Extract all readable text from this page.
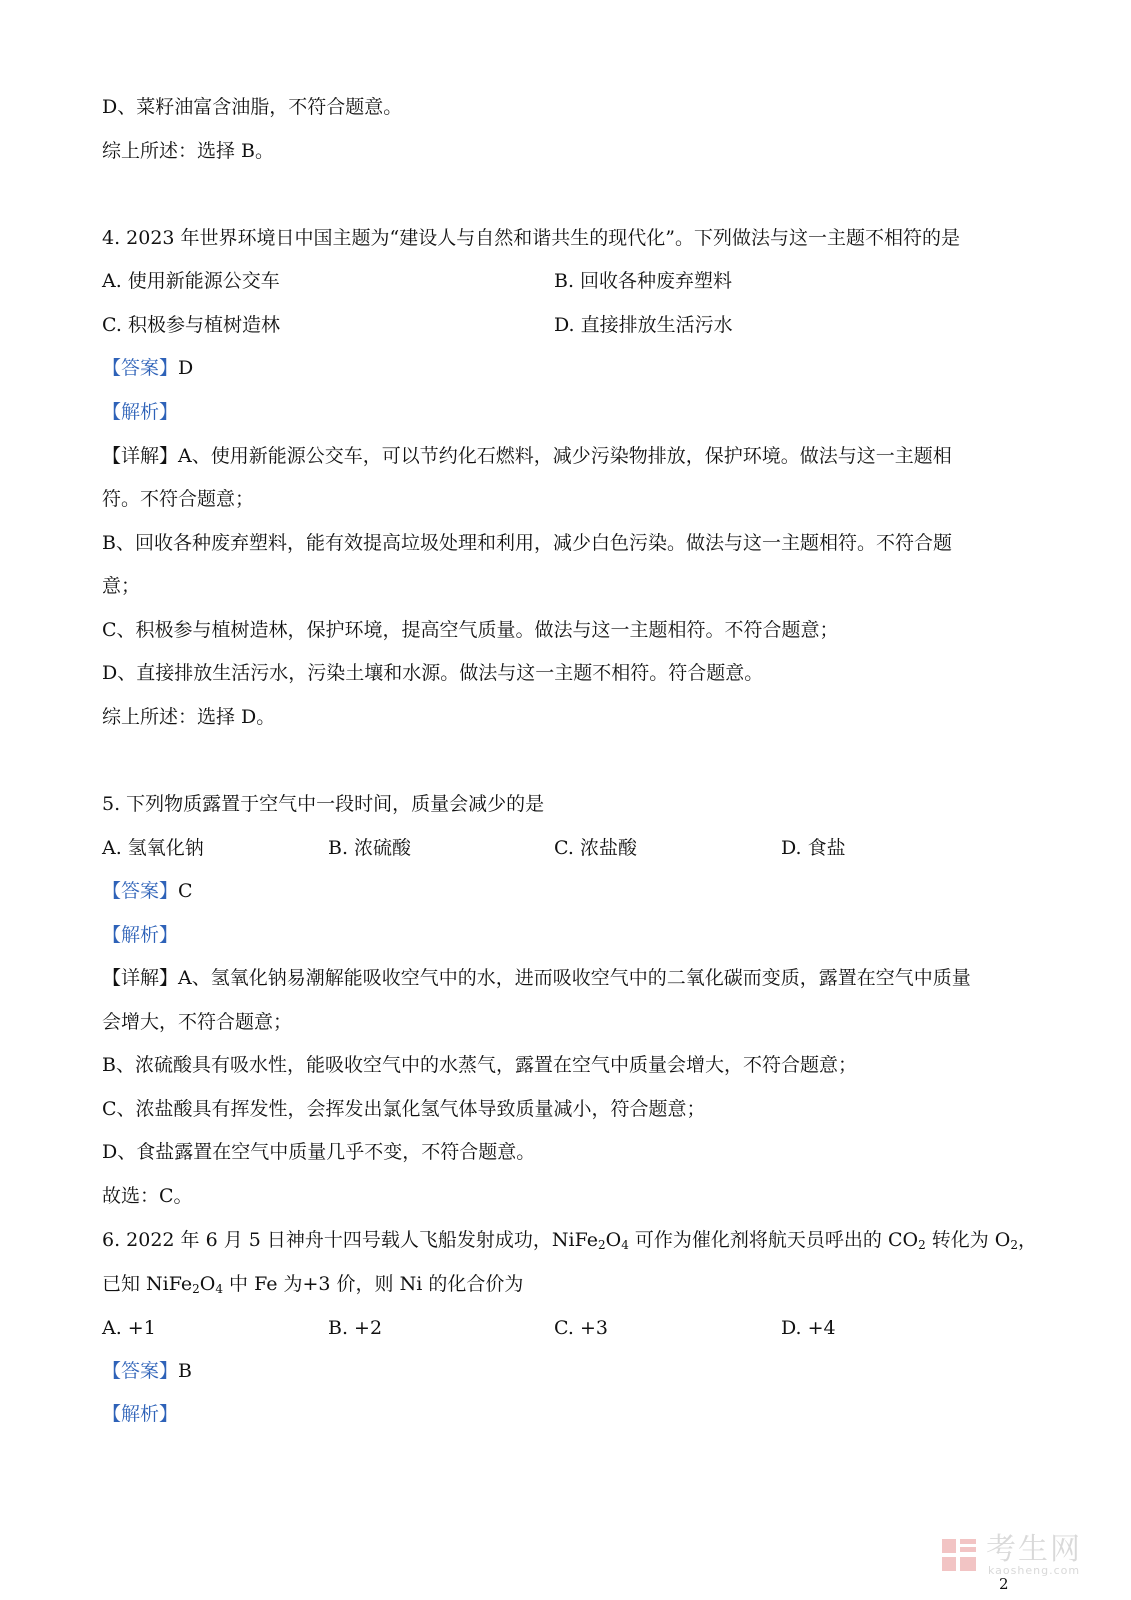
D、菜籽油富含油脂，不符合题意。
综上所述：选择 B。
4. 2023 年世界环境日中国主题为“建设人与自然和谐共生的现代化”。下列做法与这一主题不相符的是
A. 使用新能源公交车	B. 回收各种废弃塑料
C. 积极参与植树造林	D. 直接排放生活污水
【答案】D
【解析】
【详解】A、使用新能源公交车，可以节约化石燃料，减少污染物排放，保护环境。做法与这一主题相
符。不符合题意；
B、回收各种废弃塑料，能有效提高垃圾处理和利用，减少白色污染。做法与这一主题相符。不符合题
意；
C、积极参与植树造林，保护环境，提高空气质量。做法与这一主题相符。不符合题意；
D、直接排放生活污水，污染土壤和水源。做法与这一主题不相符。符合题意。
综上所述：选择 D。
5. 下列物质露置于空气中一段时间，质量会减少的是
A. 氢氧化钠	B. 浓硫酸	C. 浓盐酸	D. 食盐
【答案】C
【解析】
【详解】A、氢氧化钠易潮解能吸收空气中的水，进而吸收空气中的二氧化碳而变质，露置在空气中质量
会增大，不符合题意；
B、浓硫酸具有吸水性，能吸收空气中的水蒸气，露置在空气中质量会增大，不符合题意；
C、浓盐酸具有挥发性，会挥发出氯化氢气体导致质量减小，符合题意；
D、食盐露置在空气中质量几乎不变，不符合题意。
故选：C。
6. 2022 年 6 月 5 日神舟十四号载人飞船发射成功，$NiFe_2O_4$ 可作为催化剂将航天员呼出的 $CO_2$ 转化为 $O_2$，
已知 $NiFe_2O_4$ 中 Fe 为+3 价，则 Ni 的化合价为
A. +1	B. +2	C. +3	D. +4
【答案】B
【解析】
考生网
kaosheng.com
2
